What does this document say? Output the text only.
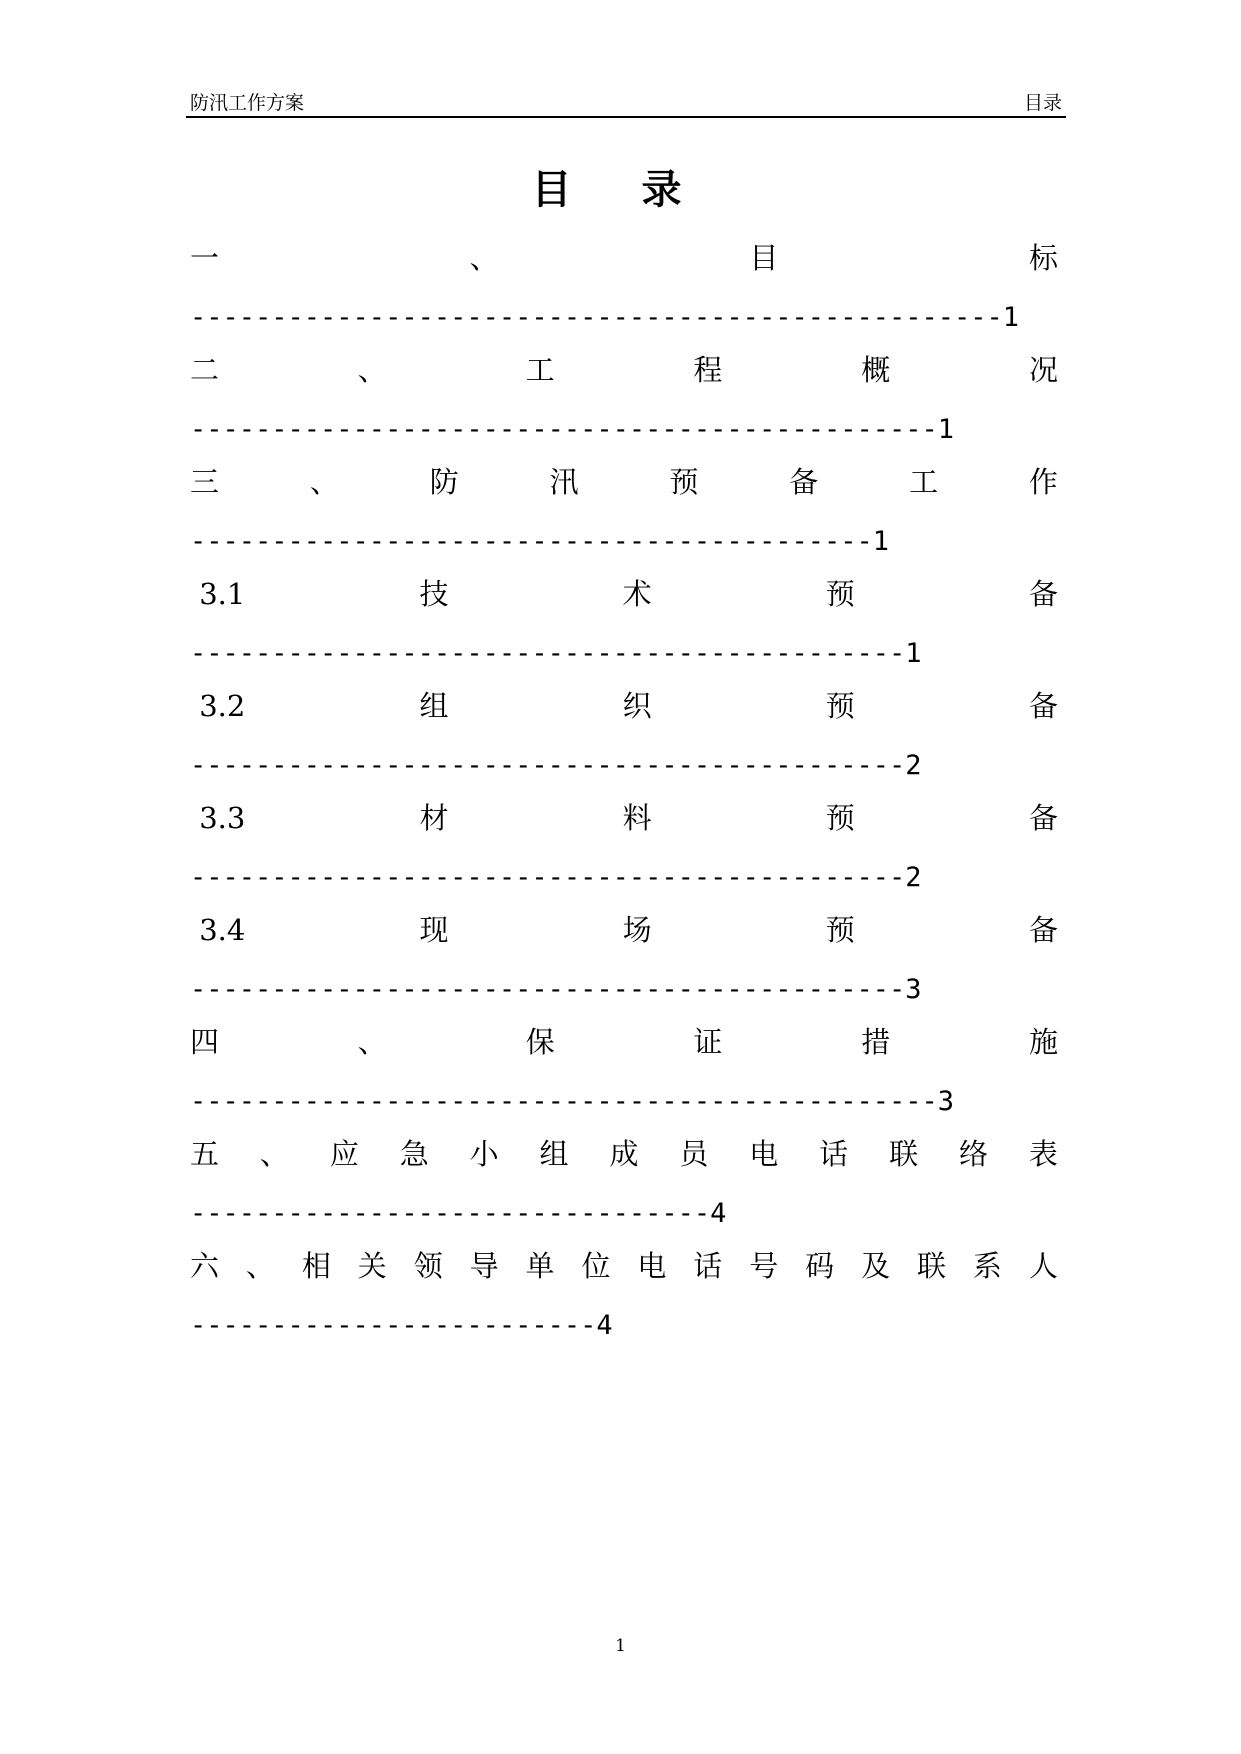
防汛工作方案	目录
目 录
一	、	目	标
--------------------------------------------------1
二	、	工	程	概	况
----------------------------------------------1
三	、	防	汛	预	备	工	作
------------------------------------------1
3.1	技	术	预	备
--------------------------------------------1
3.2	组	织	预	备
--------------------------------------------2
3.3	材	料	预	备
--------------------------------------------2
3.4	现	场	预	备
--------------------------------------------3
四	、	保	证	措	施
----------------------------------------------3
五 、 应 急 小 组 成 员 电 话 联 络 表
--------------------------------4
六 、 相 关 领 导 单 位 电 话 号 码 及 联 系 人
-------------------------4
1
